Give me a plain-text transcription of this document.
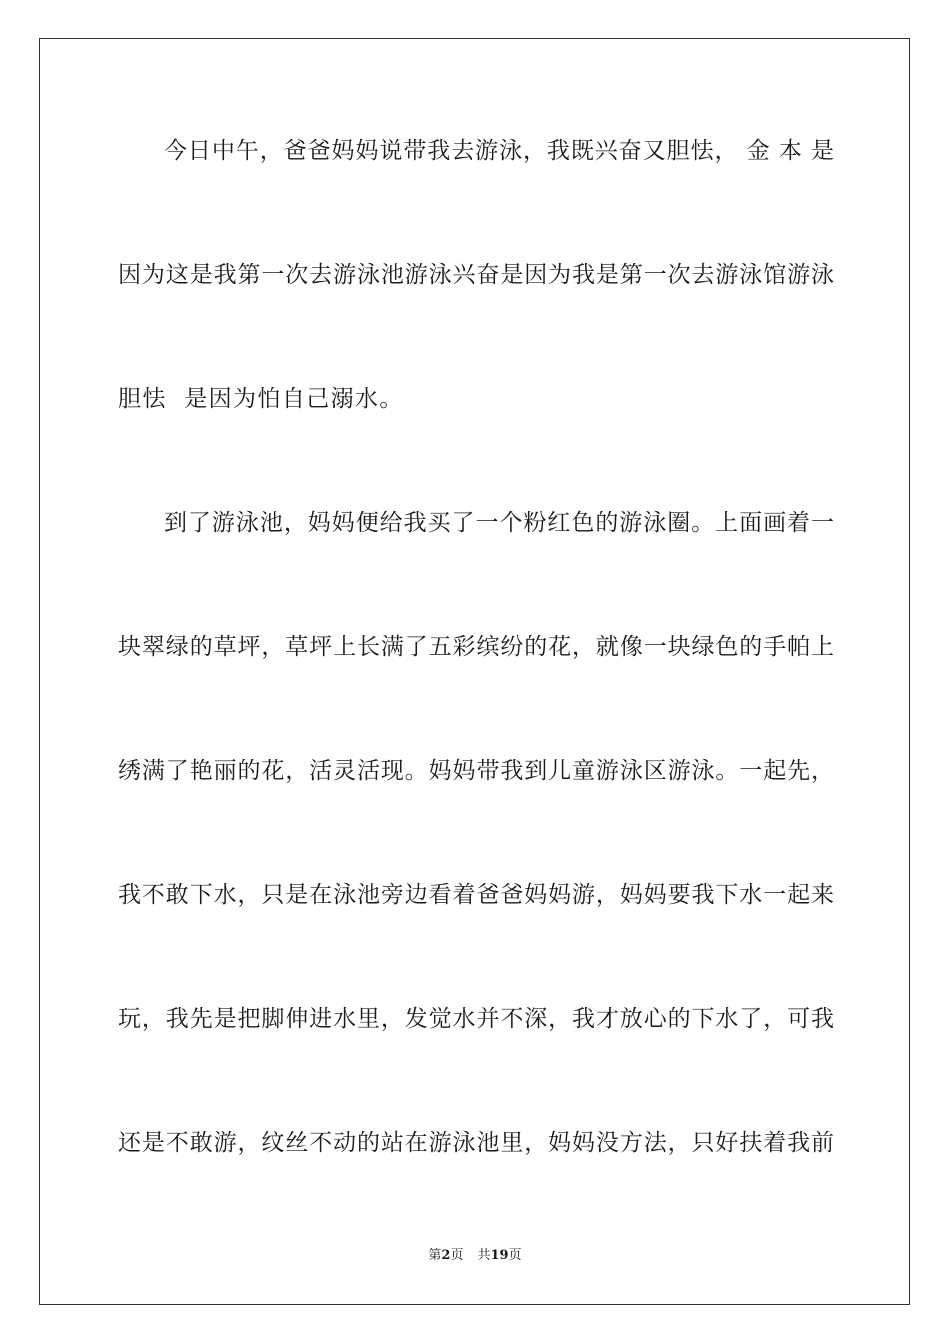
今日中午，爸爸妈妈说带我去游泳，我既兴奋又胆怯， 金 本 是
因为这是我第一次去游泳池游泳兴奋是因为我是第一次去游泳馆游泳
胆怯  是因为怕自己溺水。
到了游泳池，妈妈便给我买了一个粉红色的游泳圈。上面画着一
块翠绿的草坪，草坪上长满了五彩缤纷的花，就像一块绿色的手帕上
绣满了艳丽的花，活灵活现。妈妈带我到儿童游泳区游泳。一起先，
我不敢下水，只是在泳池旁边看着爸爸妈妈游，妈妈要我下水一起来
玩，我先是把脚伸进水里，发觉水并不深，我才放心的下水了，可我
还是不敢游，纹丝不动的站在游泳池里，妈妈没方法，只好扶着我前
第2页 共19页
